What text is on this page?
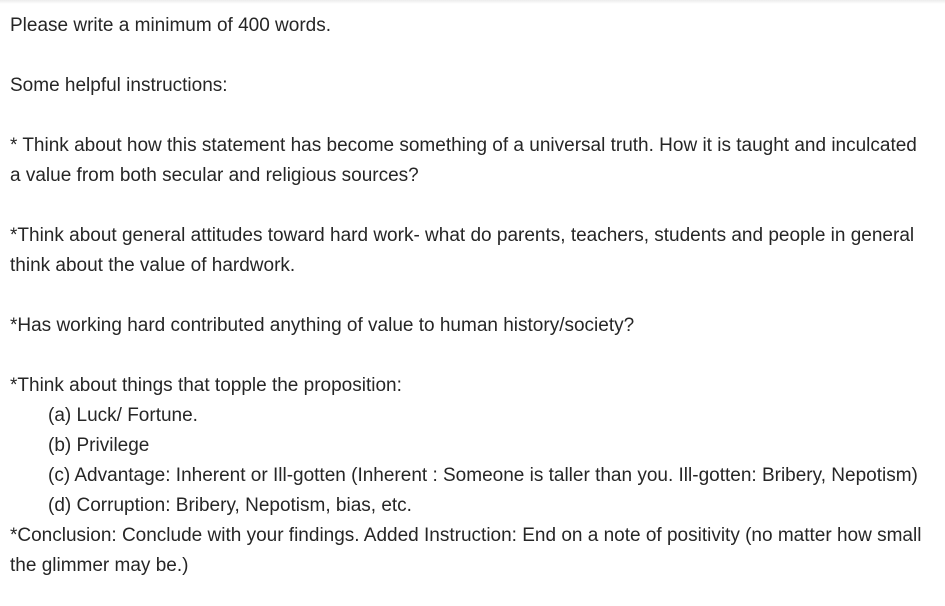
Please write a minimum of 400 words.
Some helpful instructions:
* Think about how this statement has become something of a universal truth. How it is taught and inculcated
a value from both secular and religious sources?
*Think about general attitudes toward hard work- what do parents, teachers, students and people in general
think about the value of hardwork.
*Has working hard contributed anything of value to human history/society?
*Think about things that topple the proposition:
(a) Luck/ Fortune.
(b) Privilege
(c) Advantage: Inherent or Ill-gotten (Inherent : Someone is taller than you. Ill-gotten: Bribery, Nepotism)
(d) Corruption: Bribery, Nepotism, bias, etc.
*Conclusion: Conclude with your findings. Added Instruction: End on a note of positivity (no matter how small
the glimmer may be.)
